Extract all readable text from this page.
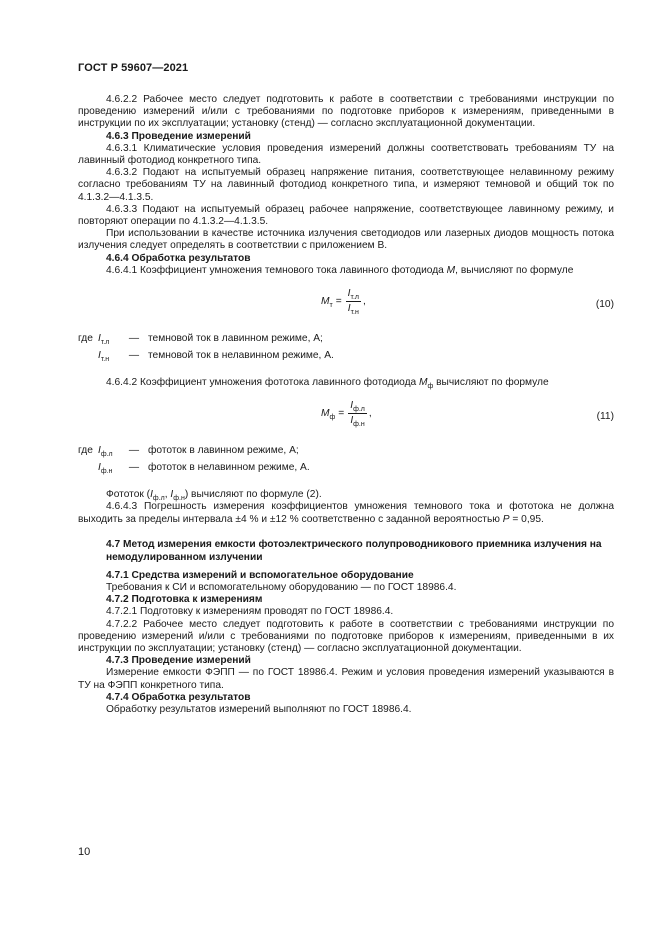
ГОСТ Р 59607—2021

4.6.2.2 Рабочее место следует подготовить к работе в соответствии с требованиями инструкции по проведению измерений и/или с требованиями по подготовке приборов к измерениям, приведенными в инструкции по их эксплуатации; установку (стенд) — согласно эксплуатационной документации.

4.6.3 Проведение измерений

4.6.3.1 Климатические условия проведения измерений должны соответствовать требованиям ТУ на лавинный фотодиод конкретного типа.

4.6.3.2 Подают на испытуемый образец напряжение питания, соответствующее нелавинному режиму согласно требованиям ТУ на лавинный фотодиод конкретного типа, и измеряют темновой и общий ток по 4.1.3.2—4.1.3.5.

4.6.3.3 Подают на испытуемый образец рабочее напряжение, соответствующее лавинному режиму, и повторяют операции по 4.1.3.2—4.1.3.5.

При использовании в качестве источника излучения светодиодов или лазерных диодов мощность потока излучения следует определять в соответствии с приложением В.

4.6.4 Обработка результатов

4.6.4.1 Коэффициент умножения темнового тока лавинного фотодиода М, вычисляют по формуле

$М_т = \frac{I_{т.л}}{I_{т.н}}$ ,	(10)
где $I_{т.л}$	— темновой ток в лавинном режиме, А;
$I_{т.н}$	— темновой ток в нелавинном режиме, А.

4.6.4.2 Коэффициент умножения фототока лавинного фотодиода $М_ф$ вычисляют по формуле

$М_ф = \frac{I_{ф.л}}{I_{ф.н}}$ ,	(11)
где $I_{ф.л}$	— фототок в лавинном режиме, А;
$I_{ф.н}$	— фототок в нелавинном режиме, А.

Фототок ($I_{ф.л}$, $I_{ф.н}$) вычисляют по формуле (2).

4.6.4.3 Погрешность измерения коэффициентов умножения темнового тока и фототока не должна выходить за пределы интервала ±4 % и ±12 % соответственно с заданной вероятностью Р = 0,95.

4.7 Метод измерения емкости фотоэлектрического полупроводникового приемника излучения на немодулированном излучении

4.7.1 Средства измерений и вспомогательное оборудование

Требования к СИ и вспомогательному оборудованию — по ГОСТ 18986.4.

4.7.2 Подготовка к измерениям

4.7.2.1 Подготовку к измерениям проводят по ГОСТ 18986.4.

4.7.2.2 Рабочее место следует подготовить к работе в соответствии с требованиями инструкции по проведению измерений и/или с требованиями по подготовке приборов к измерениям, приведенными в их инструкции по эксплуатации; установку (стенд) — согласно эксплуатационной документации.

4.7.3 Проведение измерений

Измерение емкости ФЭПП — по ГОСТ 18986.4. Режим и условия проведения измерений указываются в ТУ на ФЭПП конкретного типа.

4.7.4 Обработка результатов

Обработку результатов измерений выполняют по ГОСТ 18986.4.

10
